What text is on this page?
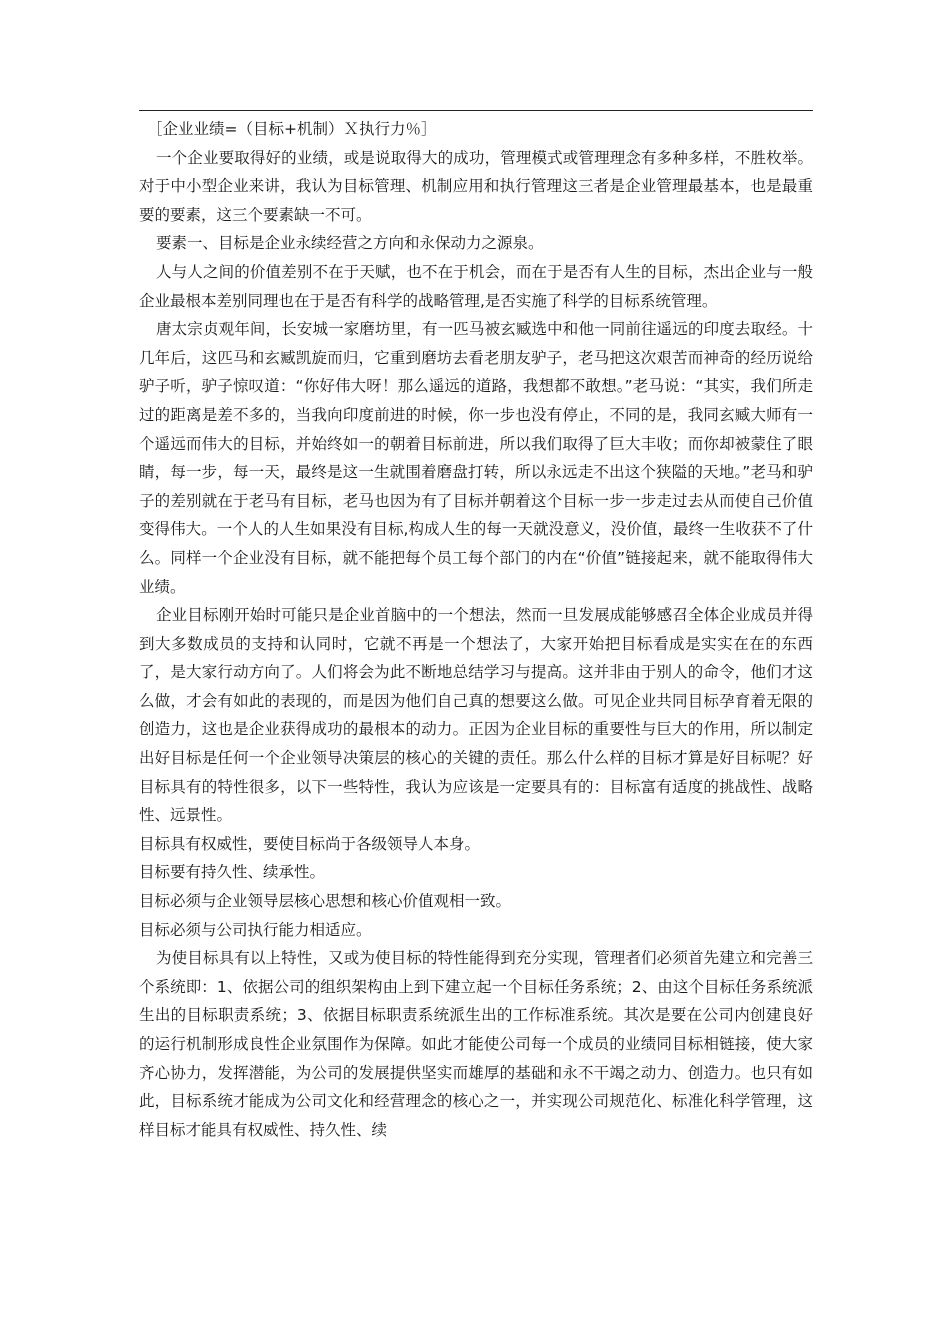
［企业业绩=（目标+机制）Ｘ执行力％］

一个企业要取得好的业绩，或是说取得大的成功，管理模式或管理理念有多种多样，不胜枚举。对于中小型企业来讲，我认为目标管理、机制应用和执行管理这三者是企业管理最基本，也是最重要的要素，这三个要素缺一不可。

要素一、目标是企业永续经营之方向和永保动力之源泉。

人与人之间的价值差别不在于天赋，也不在于机会，而在于是否有人生的目标，杰出企业与一般企业最根本差别同理也在于是否有科学的战略管理,是否实施了科学的目标系统管理。

唐太宗贞观年间，长安城一家磨坊里，有一匹马被玄臧选中和他一同前往遥远的印度去取经。十几年后，这匹马和玄臧凯旋而归，它重到磨坊去看老朋友驴子，老马把这次艰苦而神奇的经历说给驴子听，驴子惊叹道：“你好伟大呀！那么遥远的道路，我想都不敢想。”老马说：“其实，我们所走过的距离是差不多的，当我向印度前进的时候，你一步也没有停止，不同的是，我同玄臧大师有一个遥远而伟大的目标，并始终如一的朝着目标前进，所以我们取得了巨大丰收；而你却被蒙住了眼睛，每一步，每一天，最终是这一生就围着磨盘打转，所以永远走不出这个狭隘的天地。”老马和驴子的差别就在于老马有目标，老马也因为有了目标并朝着这个目标一步一步走过去从而使自己价值变得伟大。一个人的人生如果没有目标,构成人生的每一天就没意义，没价值，最终一生收获不了什么。同样一个企业没有目标，就不能把每个员工每个部门的内在“价值”链接起来，就不能取得伟大业绩。

企业目标刚开始时可能只是企业首脑中的一个想法，然而一旦发展成能够感召全体企业成员并得到大多数成员的支持和认同时，它就不再是一个想法了，大家开始把目标看成是实实在在的东西了，是大家行动方向了。人们将会为此不断地总结学习与提高。这并非由于别人的命令，他们才这么做，才会有如此的表现的，而是因为他们自己真的想要这么做。可见企业共同目标孕育着无限的创造力，这也是企业获得成功的最根本的动力。正因为企业目标的重要性与巨大的作用，所以制定出好目标是任何一个企业领导决策层的核心的关键的责任。那么什么样的目标才算是好目标呢？好目标具有的特性很多，以下一些特性，我认为应该是一定要具有的：目标富有适度的挑战性、战略性、远景性。

目标具有权威性，要使目标尚于各级领导人本身。

目标要有持久性、续承性。

目标必须与企业领导层核心思想和核心价值观相一致。

目标必须与公司执行能力相适应。

为使目标具有以上特性，又或为使目标的特性能得到充分实现，管理者们必须首先建立和完善三个系统即：1、依据公司的组织架构由上到下建立起一个目标任务系统；2、由这个目标任务系统派生出的目标职责系统；3、依据目标职责系统派生出的工作标准系统。其次是要在公司内创建良好的运行机制形成良性企业氛围作为保障。如此才能使公司每一个成员的业绩同目标相链接，使大家齐心协力，发挥潜能，为公司的发展提供坚实而雄厚的基础和永不干竭之动力、创造力。也只有如此，目标系统才能成为公司文化和经营理念的核心之一，并实现公司规范化、标准化科学管理，这样目标才能具有权威性、持久性、续
